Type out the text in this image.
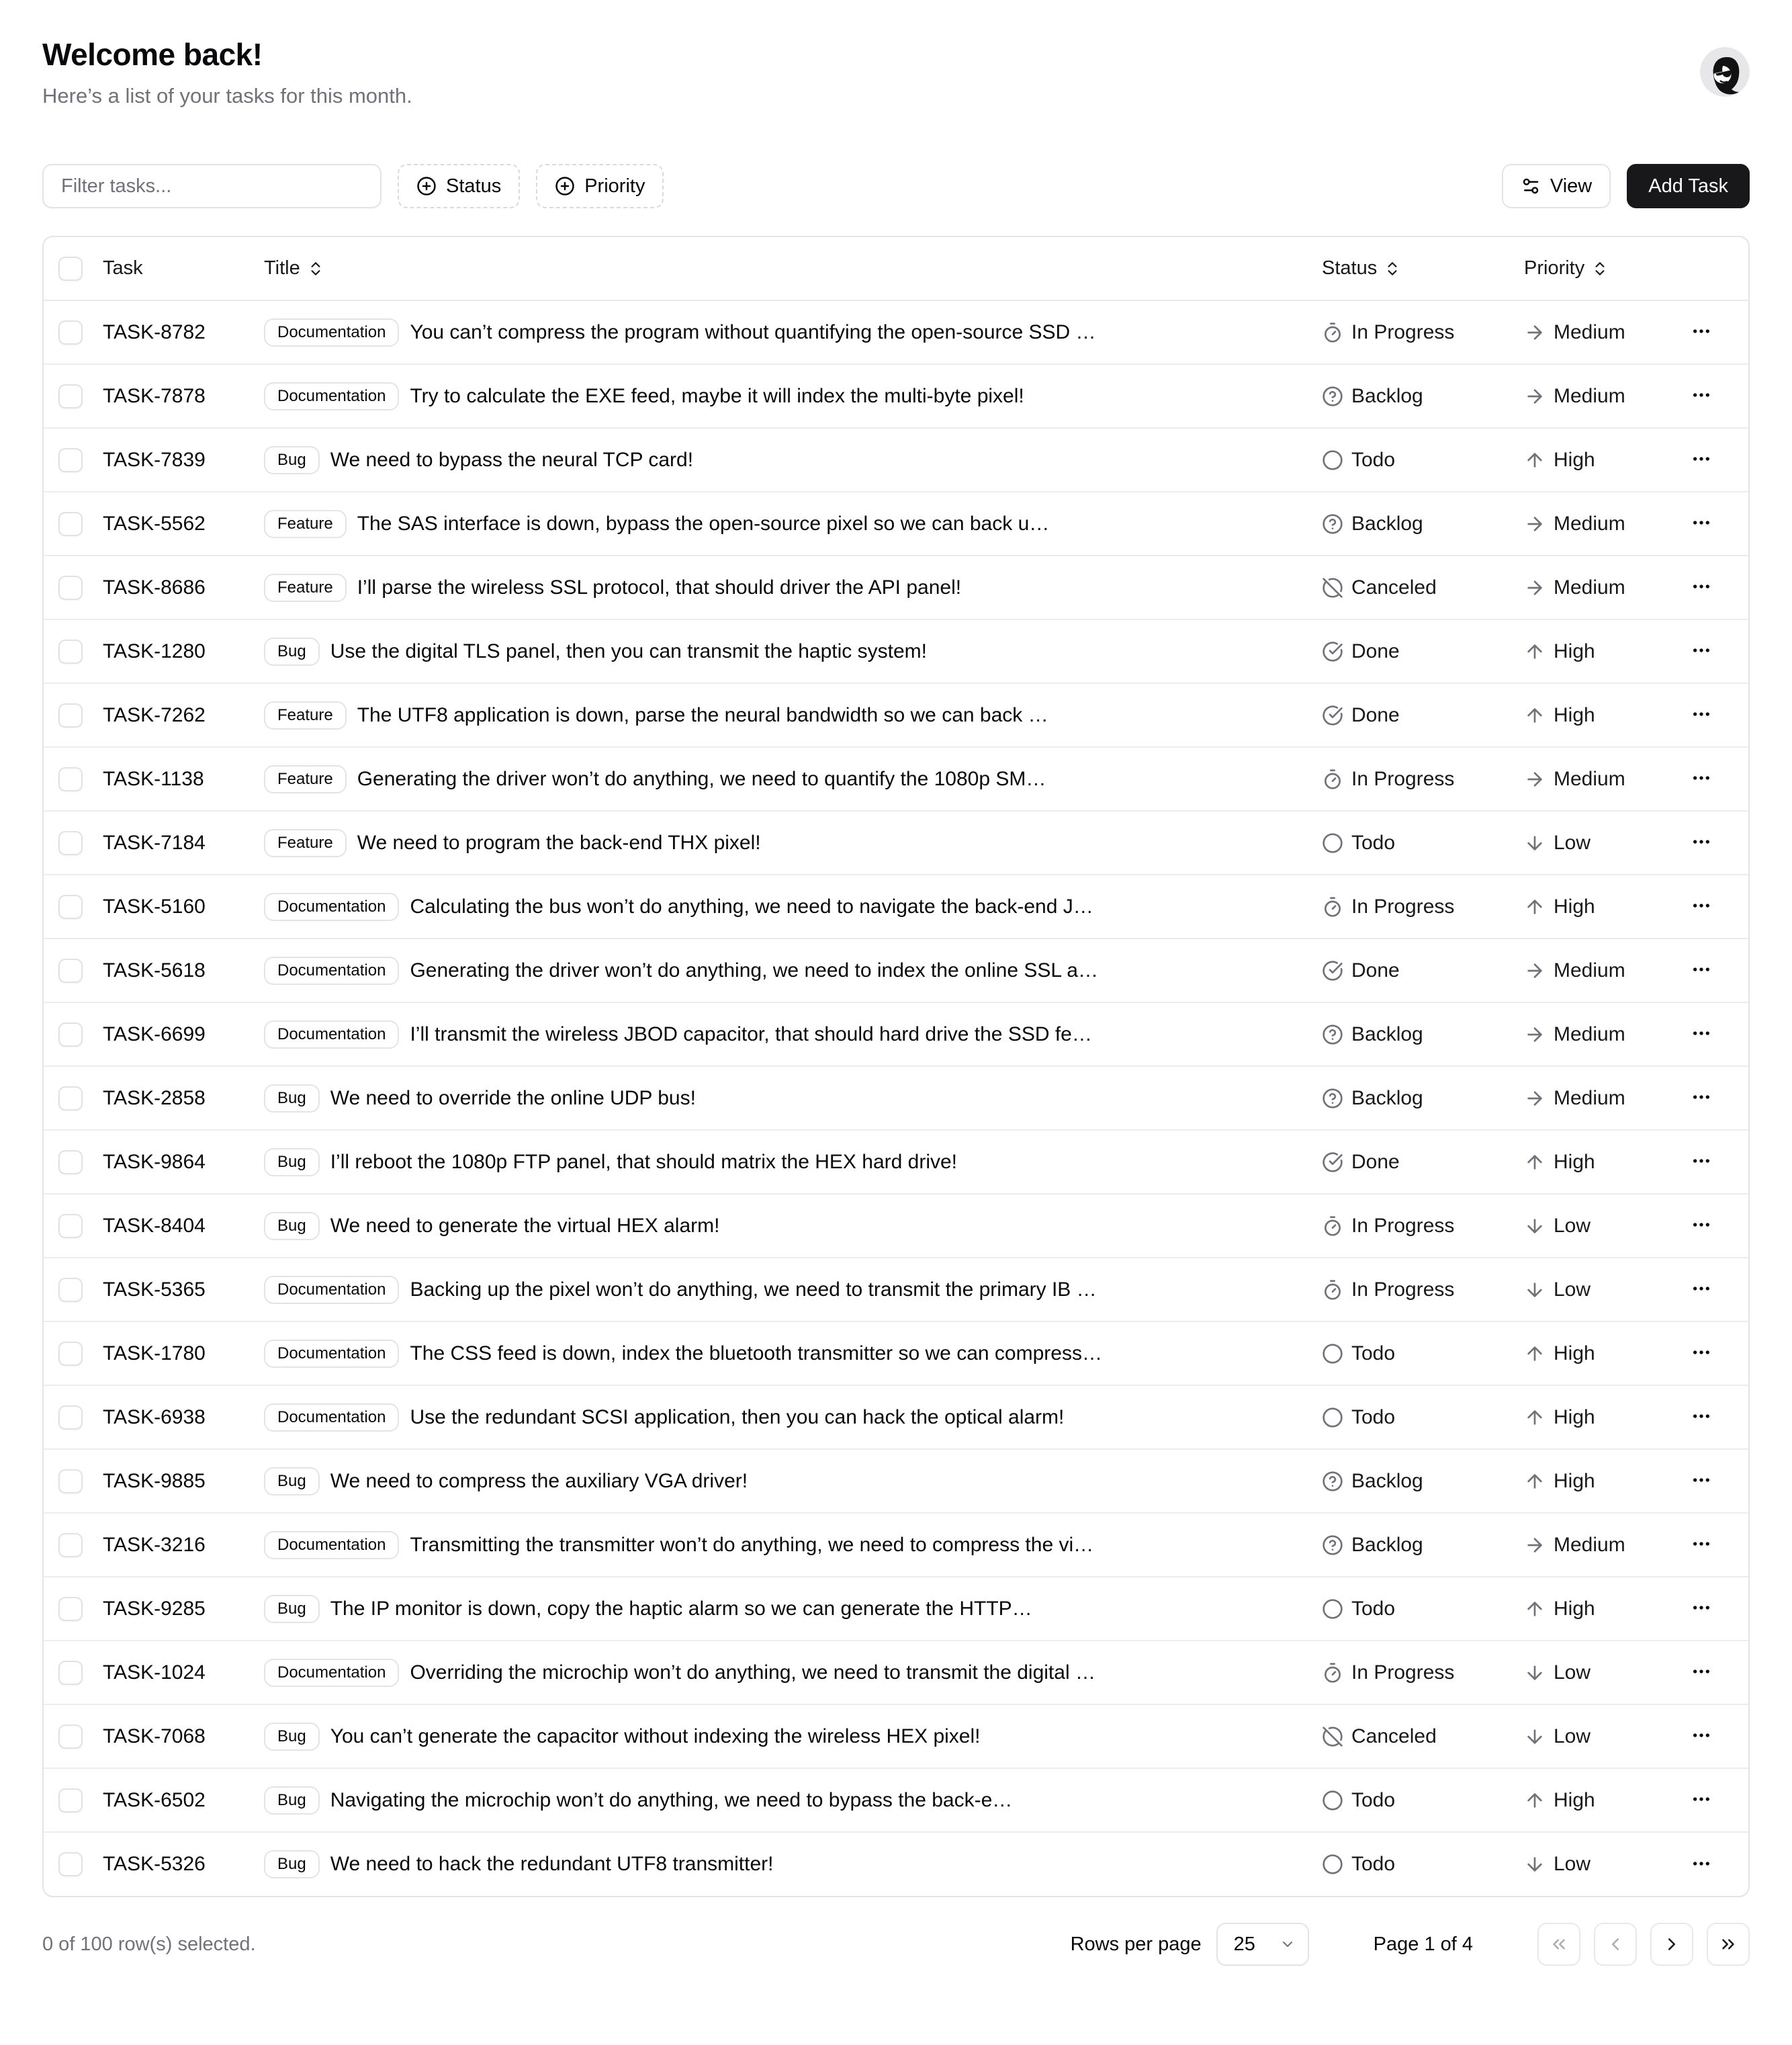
Welcome back!

Here’s a list of your tasks for this month.

Filter tasks...
Status	Priority	View	Add Task
	Task	Title	Status	Priority	

	TASK-8782	Documentation You can’t compress the program without quantifying the open-source SSD …	In Progress	Medium

	TASK-7878	Documentation Try to calculate the EXE feed, maybe it will index the multi-byte pixel!	Backlog	Medium

	TASK-7839	Bug We need to bypass the neural TCP card!	Todo	High

	TASK-5562	Feature The SAS interface is down, bypass the open-source pixel so we can back u…	Backlog	Medium

	TASK-8686	Feature I’ll parse the wireless SSL protocol, that should driver the API panel!	Canceled	Medium

	TASK-1280	Bug Use the digital TLS panel, then you can transmit the haptic system!	Done	High

	TASK-7262	Feature The UTF8 application is down, parse the neural bandwidth so we can back …	Done	High

	TASK-1138	Feature Generating the driver won’t do anything, we need to quantify the 1080p SM…	In Progress	Medium

	TASK-7184	Feature We need to program the back-end THX pixel!	Todo	Low

	TASK-5160	Documentation Calculating the bus won’t do anything, we need to navigate the back-end J…	In Progress	High

	TASK-5618	Documentation Generating the driver won’t do anything, we need to index the online SSL a…	Done	Medium

	TASK-6699	Documentation I’ll transmit the wireless JBOD capacitor, that should hard drive the SSD fe…	Backlog	Medium

	TASK-2858	Bug We need to override the online UDP bus!	Backlog	Medium

	TASK-9864	Bug I’ll reboot the 1080p FTP panel, that should matrix the HEX hard drive!	Done	High

	TASK-8404	Bug We need to generate the virtual HEX alarm!	In Progress	Low

	TASK-5365	Documentation Backing up the pixel won’t do anything, we need to transmit the primary IB …	In Progress	Low

	TASK-1780	Documentation The CSS feed is down, index the bluetooth transmitter so we can compress…	Todo	High

	TASK-6938	Documentation Use the redundant SCSI application, then you can hack the optical alarm!	Todo	High

	TASK-9885	Bug We need to compress the auxiliary VGA driver!	Backlog	High

	TASK-3216	Documentation Transmitting the transmitter won’t do anything, we need to compress the vi…	Backlog	Medium

	TASK-9285	Bug The IP monitor is down, copy the haptic alarm so we can generate the HTTP…	Todo	High

	TASK-1024	Documentation Overriding the microchip won’t do anything, we need to transmit the digital …	In Progress	Low

	TASK-7068	Bug You can’t generate the capacitor without indexing the wireless HEX pixel!	Canceled	Low

	TASK-6502	Bug Navigating the microchip won’t do anything, we need to bypass the back-e…	Todo	High

	TASK-5326	Bug We need to hack the redundant UTF8 transmitter!	Todo	Low

0 of 100 row(s) selected.	Rows per page 25	Page 1 of 4
